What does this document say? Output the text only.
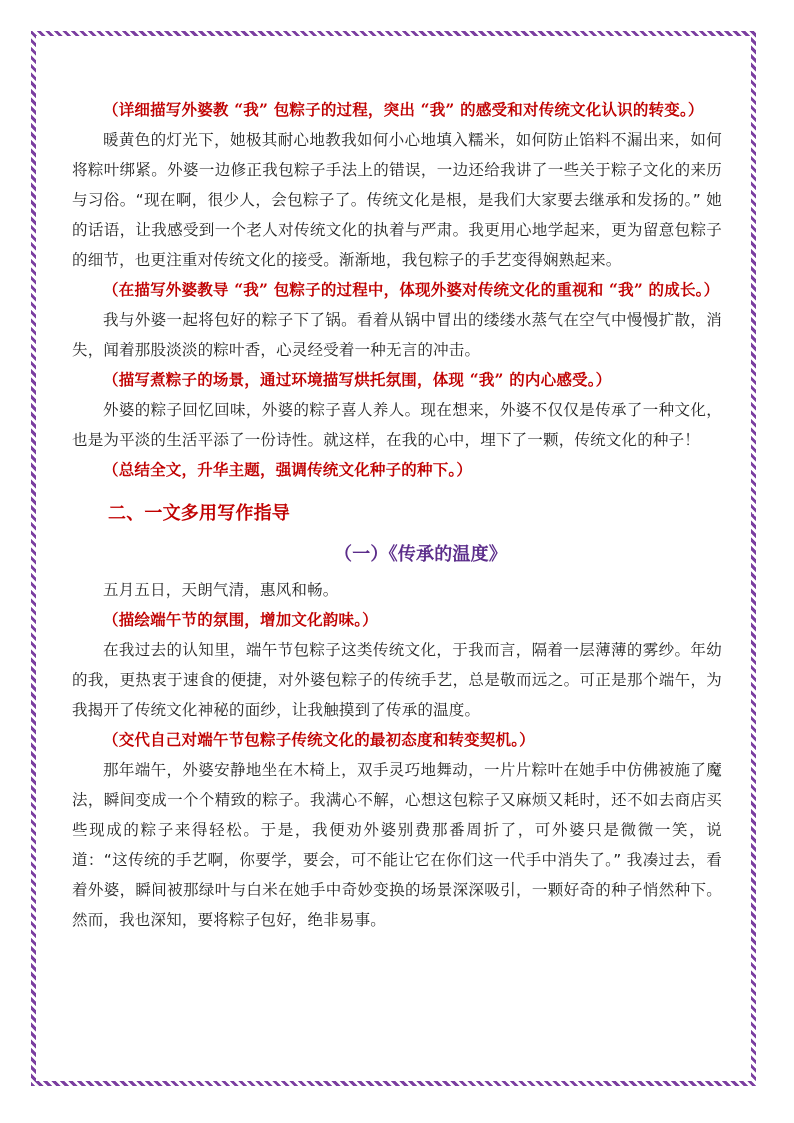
（详细描写外婆教 “我” 包粽子的过程，突出 “我” 的感受和对传统文化认识的转变。）

暖黄色的灯光下，她极其耐心地教我如何小心地填入糯米，如何防止馅料不漏出来，如何将粽叶绑紧。外婆一边修正我包粽子手法上的错误，一边还给我讲了一些关于粽子文化的来历与习俗。“现在啊，很少人，会包粽子了。传统文化是根，是我们大家要去继承和发扬的。” 她的话语，让我感受到一个老人对传统文化的执着与严肃。我更用心地学起来，更为留意包粽子的细节，也更注重对传统文化的接受。渐渐地，我包粽子的手艺变得娴熟起来。

（在描写外婆教导 “我” 包粽子的过程中，体现外婆对传统文化的重视和 “我” 的成长。）

我与外婆一起将包好的粽子下了锅。看着从锅中冒出的缕缕水蒸气在空气中慢慢扩散，消失，闻着那股淡淡的粽叶香，心灵经受着一种无言的冲击。

（描写煮粽子的场景，通过环境描写烘托氛围，体现 “我” 的内心感受。）

外婆的粽子回忆回味，外婆的粽子喜人养人。现在想来，外婆不仅仅是传承了一种文化，也是为平淡的生活平添了一份诗性。就这样，在我的心中，埋下了一颗，传统文化的种子！

（总结全文，升华主题，强调传统文化种子的种下。）

二、一文多用写作指导

（一）《传承的温度》

五月五日，天朗气清，惠风和畅。

（描绘端午节的氛围，增加文化韵味。）

在我过去的认知里，端午节包粽子这类传统文化，于我而言，隔着一层薄薄的雾纱。年幼的我，更热衷于速食的便捷，对外婆包粽子的传统手艺，总是敬而远之。可正是那个端午，为我揭开了传统文化神秘的面纱，让我触摸到了传承的温度。

（交代自己对端午节包粽子传统文化的最初态度和转变契机。）

那年端午，外婆安静地坐在木椅上，双手灵巧地舞动，一片片粽叶在她手中仿佛被施了魔法，瞬间变成一个个精致的粽子。我满心不解，心想这包粽子又麻烦又耗时，还不如去商店买些现成的粽子来得轻松。于是，我便劝外婆别费那番周折了，可外婆只是微微一笑，说道：“这传统的手艺啊，你要学，要会，可不能让它在你们这一代手中消失了。” 我凑过去，看着外婆，瞬间被那绿叶与白米在她手中奇妙变换的场景深深吸引，一颗好奇的种子悄然种下。然而，我也深知，要将粽子包好，绝非易事。
